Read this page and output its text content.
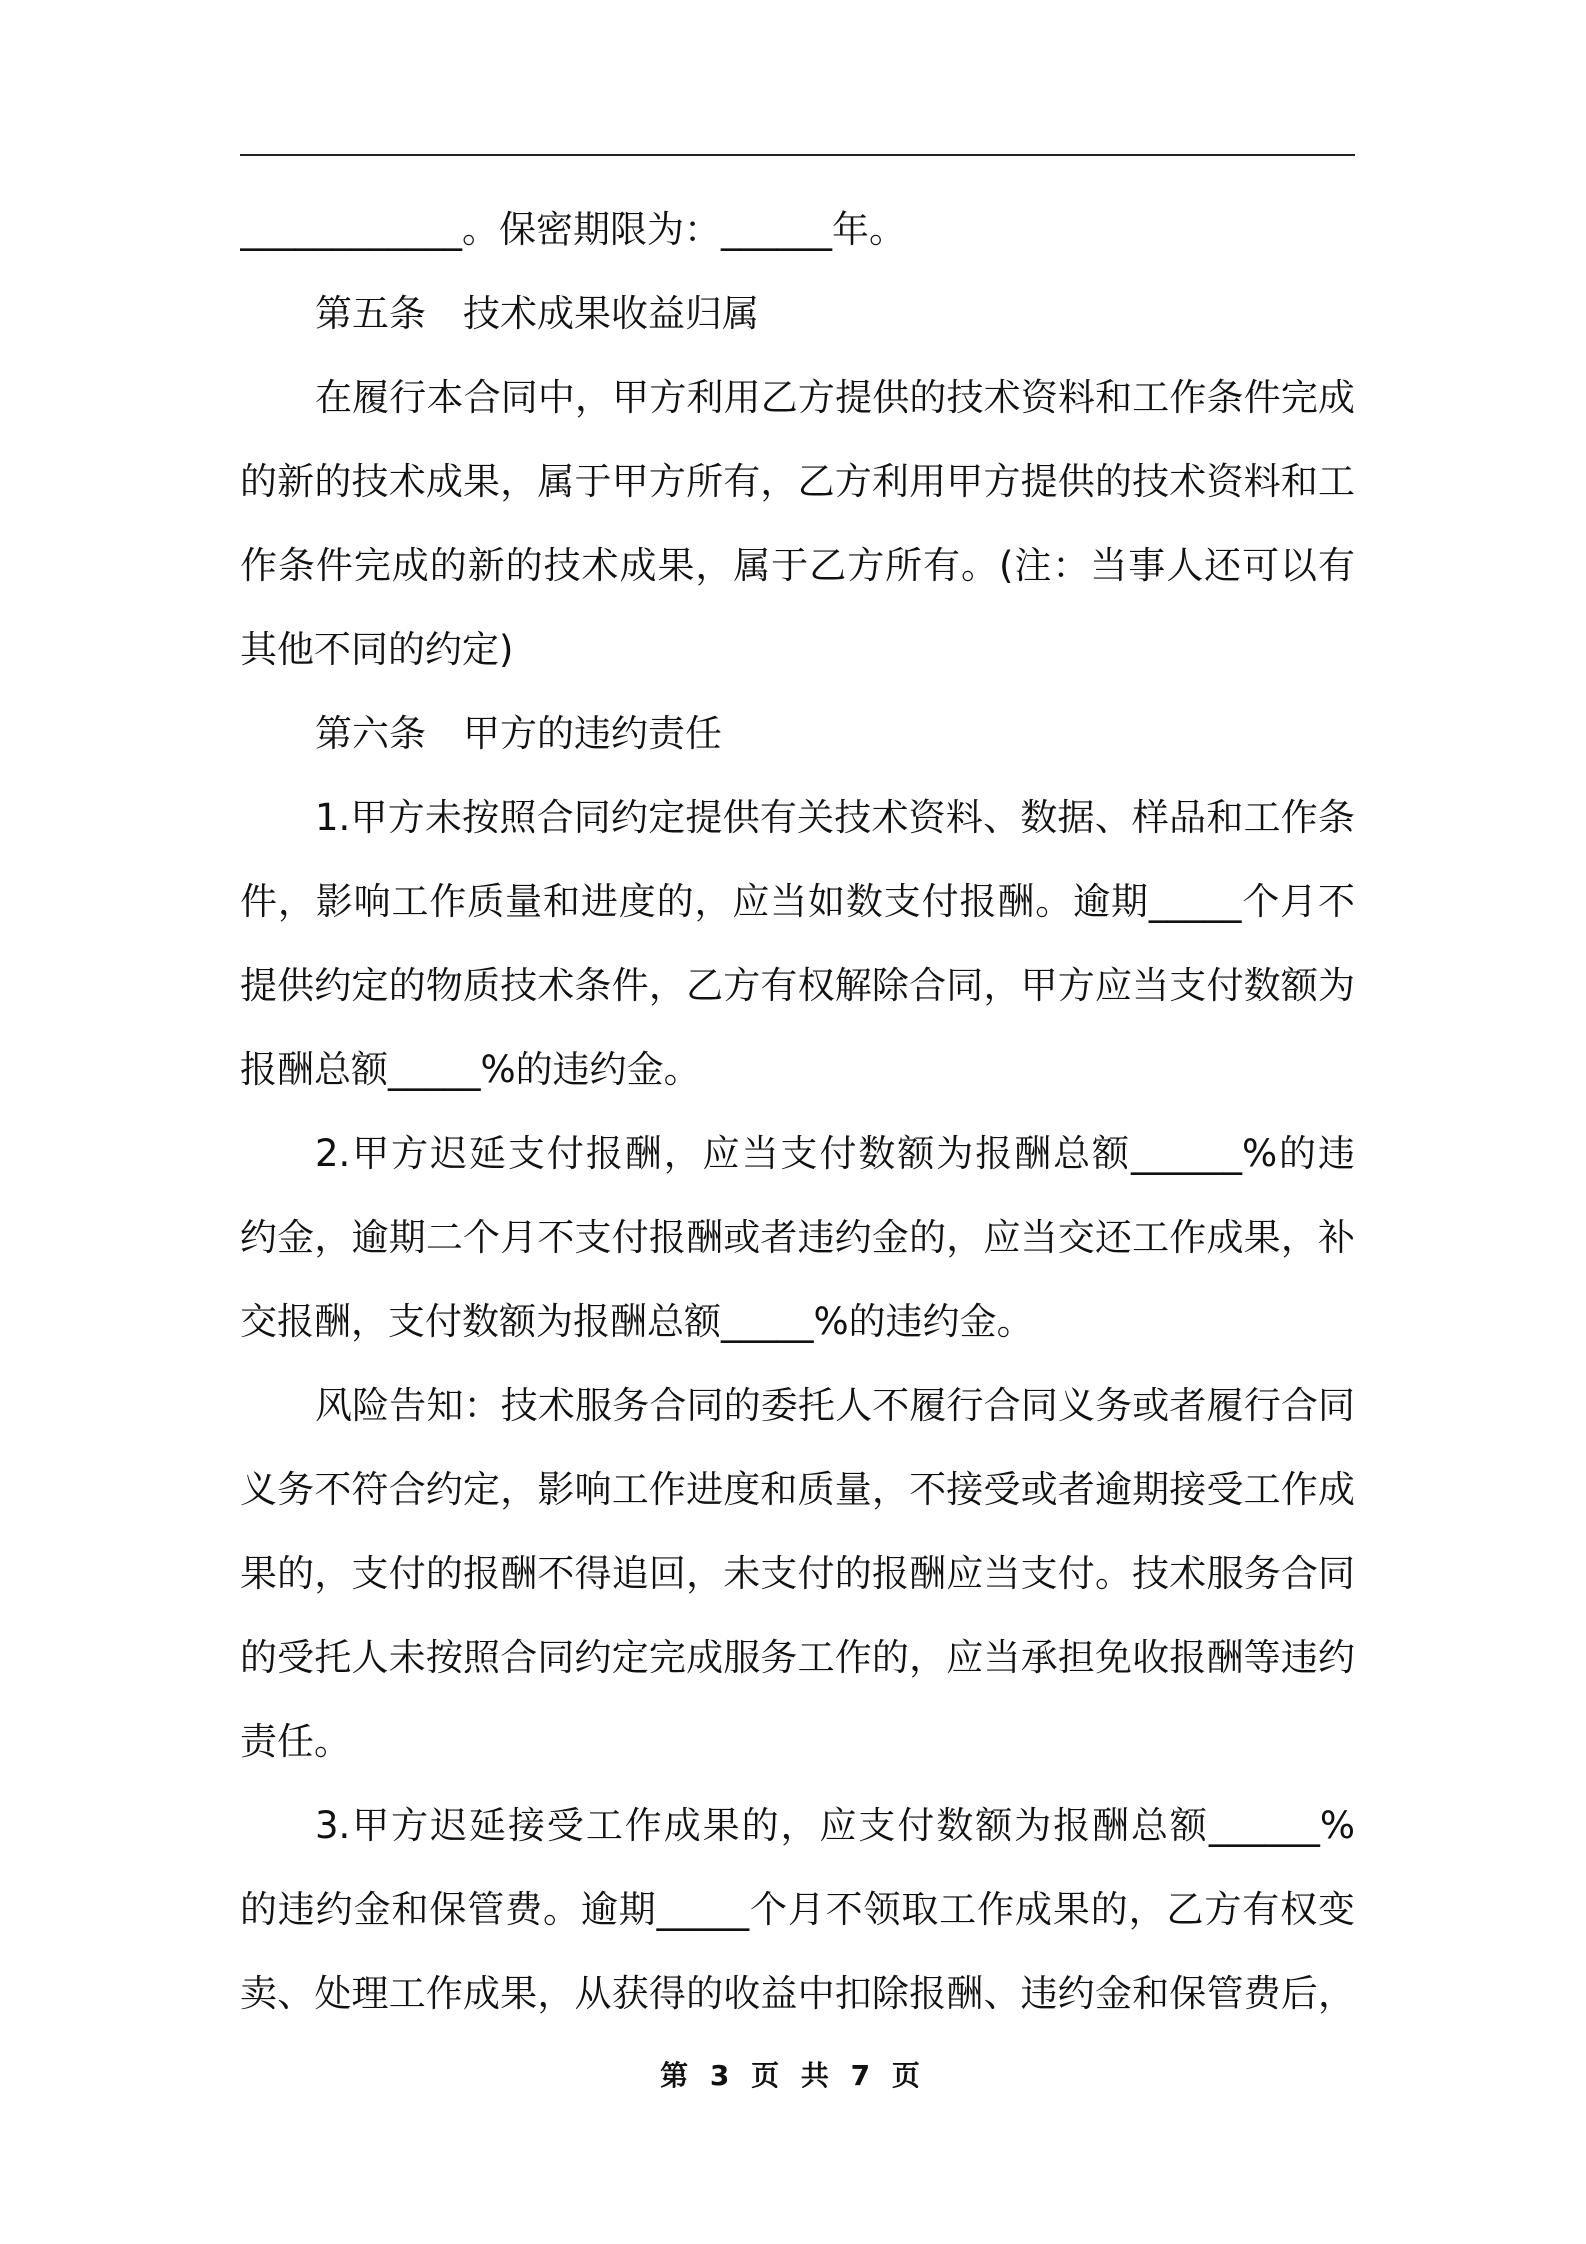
____________。保密期限为：______年。
第五条　技术成果收益归属
在履行本合同中，甲方利用乙方提供的技术资料和工作条件完成
的新的技术成果，属于甲方所有，乙方利用甲方提供的技术资料和工
作条件完成的新的技术成果，属于乙方所有。(注：当事人还可以有
其他不同的约定)
第六条　甲方的违约责任
1.甲方未按照合同约定提供有关技术资料、数据、样品和工作条
件，影响工作质量和进度的，应当如数支付报酬。逾期_____个月不
提供约定的物质技术条件，乙方有权解除合同，甲方应当支付数额为
报酬总额_____%的违约金。
2.甲方迟延支付报酬，应当支付数额为报酬总额______%的违
约金，逾期二个月不支付报酬或者违约金的，应当交还工作成果，补
交报酬，支付数额为报酬总额_____%的违约金。
风险告知：技术服务合同的委托人不履行合同义务或者履行合同
义务不符合约定，影响工作进度和质量，不接受或者逾期接受工作成
果的，支付的报酬不得追回，未支付的报酬应当支付。技术服务合同
的受托人未按照合同约定完成服务工作的，应当承担免收报酬等违约
责任。
3.甲方迟延接受工作成果的，应支付数额为报酬总额______%
的违约金和保管费。逾期_____个月不领取工作成果的，乙方有权变
卖、处理工作成果，从获得的收益中扣除报酬、违约金和保管费后，
第 3 页 共 7 页
